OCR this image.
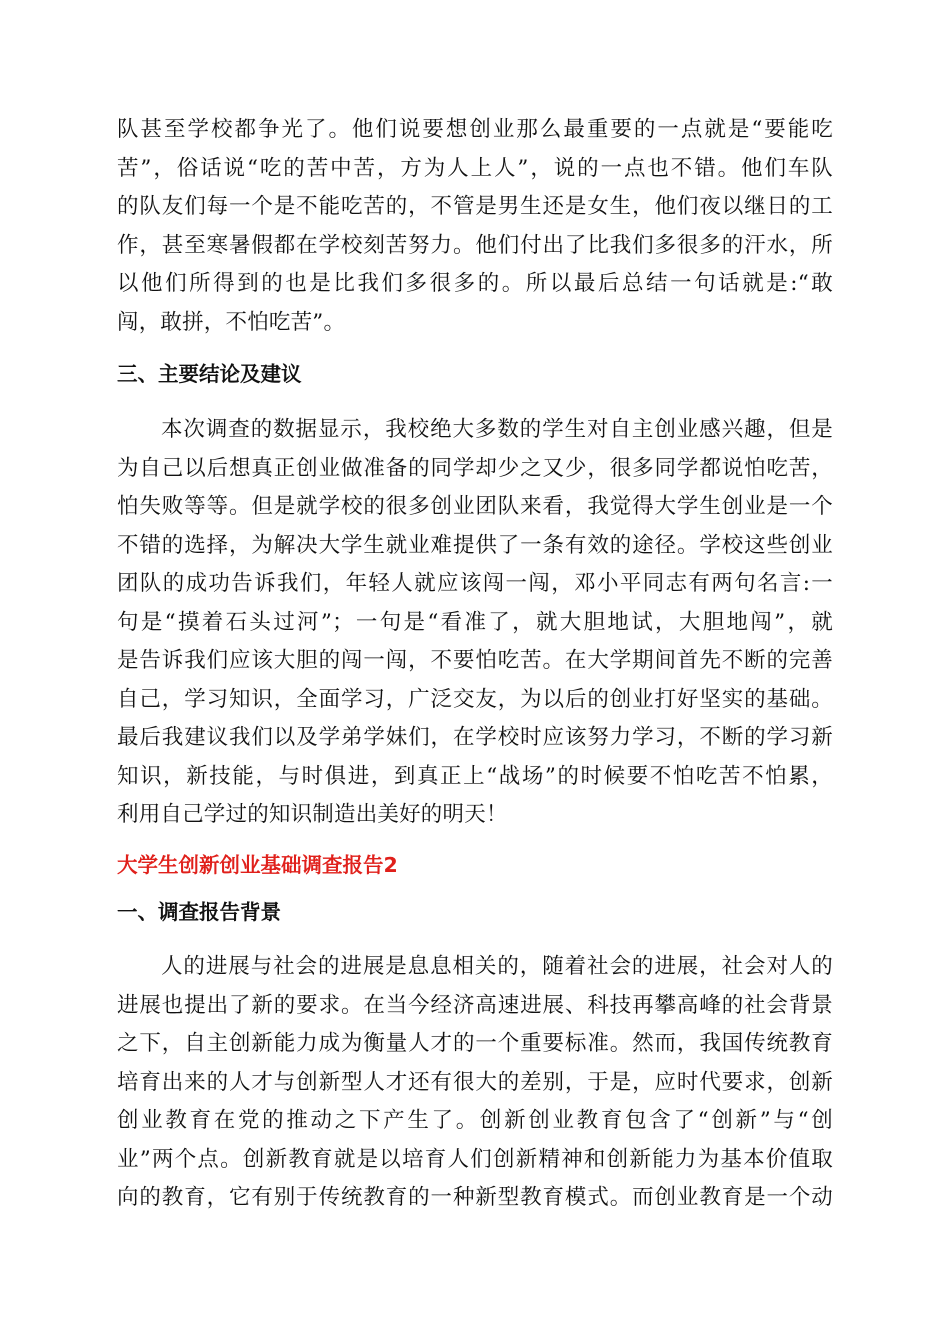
队甚至学校都争光了。他们说要想创业那么最重要的一点就是“要能吃
苦”，俗话说“吃的苦中苦，方为人上人”，说的一点也不错。他们车队
的队友们每一个是不能吃苦的，不管是男生还是女生，他们夜以继日的工
作，甚至寒暑假都在学校刻苦努力。他们付出了比我们多很多的汗水，所
以他们所得到的也是比我们多很多的。所以最后总结一句话就是:“敢
闯，敢拼，不怕吃苦”。
三、主要结论及建议
本次调查的数据显示，我校绝大多数的学生对自主创业感兴趣，但是
为自己以后想真正创业做准备的同学却少之又少，很多同学都说怕吃苦，
怕失败等等。但是就学校的很多创业团队来看，我觉得大学生创业是一个
不错的选择，为解决大学生就业难提供了一条有效的途径。学校这些创业
团队的成功告诉我们，年轻人就应该闯一闯，邓小平同志有两句名言:一
句是“摸着石头过河”；一句是“看准了，就大胆地试，大胆地闯”，就
是告诉我们应该大胆的闯一闯，不要怕吃苦。在大学期间首先不断的完善
自己，学习知识，全面学习，广泛交友，为以后的创业打好坚实的基础。
最后我建议我们以及学弟学妹们，在学校时应该努力学习，不断的学习新
知识，新技能，与时俱进，到真正上“战场”的时候要不怕吃苦不怕累，
利用自己学过的知识制造出美好的明天！
大学生创新创业基础调查报告2
一、调查报告背景
人的进展与社会的进展是息息相关的，随着社会的进展，社会对人的
进展也提出了新的要求。在当今经济高速进展、科技再攀高峰的社会背景
之下，自主创新能力成为衡量人才的一个重要标准。然而，我国传统教育
培育出来的人才与创新型人才还有很大的差别，于是，应时代要求，创新
创业教育在党的推动之下产生了。创新创业教育包含了“创新”与“创
业”两个点。创新教育就是以培育人们创新精神和创新能力为基本价值取
向的教育，它有别于传统教育的一种新型教育模式。而创业教育是一个动
